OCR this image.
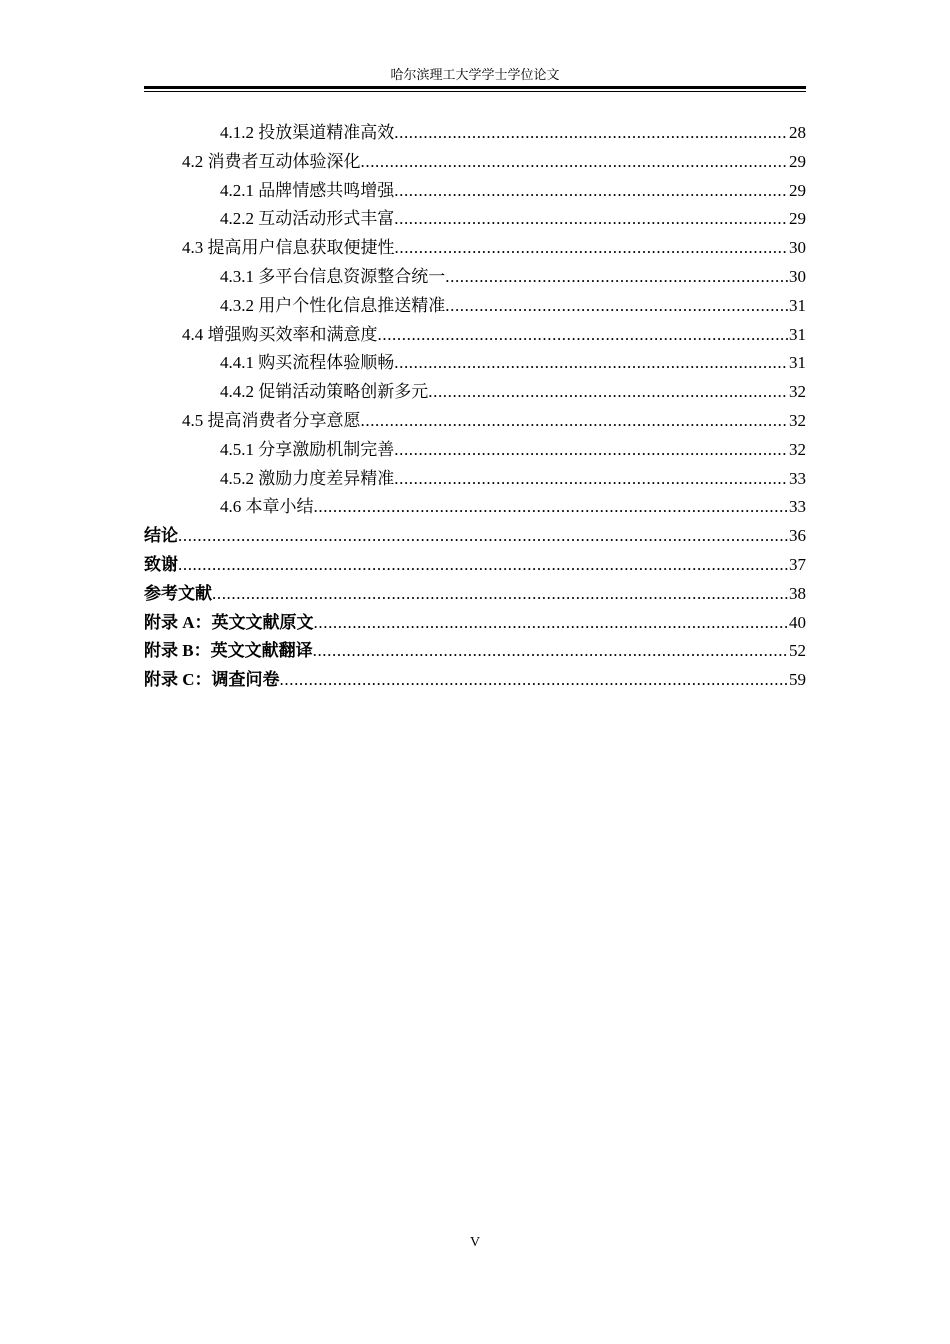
哈尔滨理工大学学士学位论文
4.1.2 投放渠道精准高效 .....	28
4.2 消费者互动体验深化 .....	29
4.2.1 品牌情感共鸣增强 .....	29
4.2.2 互动活动形式丰富 .....	29
4.3 提高用户信息获取便捷性 .....	30
4.3.1 多平台信息资源整合统一 .....	30
4.3.2 用户个性化信息推送精准 .....	31
4.4 增强购买效率和满意度 .....	31
4.4.1 购买流程体验顺畅 .....	31
4.4.2 促销活动策略创新多元 .....	32
4.5 提高消费者分享意愿 .....	32
4.5.1 分享激励机制完善 .....	32
4.5.2 激励力度差异精准 .....	33
4.6 本章小结 .....	33
结论 .....	36
致谢 .....	37
参考文献 .....	38
附录 A：英文文献原文 .....	40
附录 B：英文文献翻译 .....	52
附录 C：调查问卷 .....	59
V
